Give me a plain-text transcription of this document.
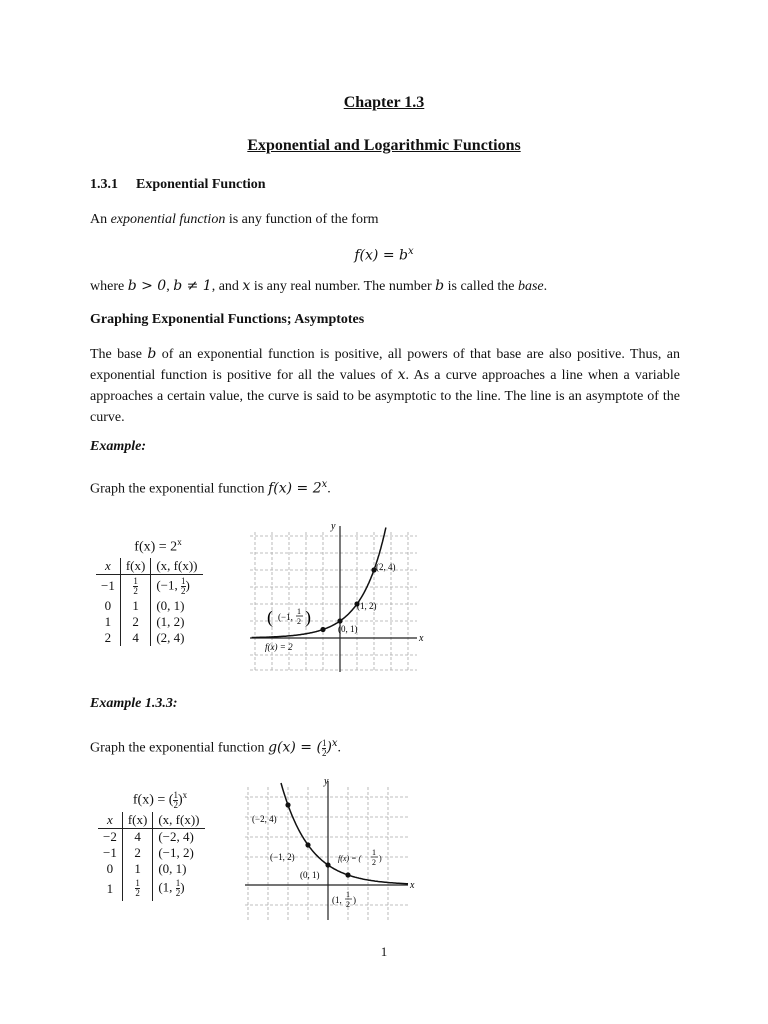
Chapter 1.3
Exponential and Logarithmic Functions
1.3.1 Exponential Function
An exponential function is any function of the form
$f(x) = b^x$
where b > 0, b ≠ 1, and x is any real number. The number b is called the base.
Graphing Exponential Functions; Asymptotes
The base b of an exponential function is positive, all powers of that base are also positive. Thus, an exponential function is positive for all the values of x. As a curve approaches a line when a variable approaches a certain value, the curve is said to be asymptotic to the line. The line is an asymptote of the curve.
Example:
Graph the exponential function $f(x) = 2^x$.
$f(x) = 2^x$
x	f(x)	(x, f(x))
−1	$\frac{1}{2}$	(−1, $\frac{1}{2}$ )
0	1	(0, 1)
1	2	(1, 2)
2	4	(2, 4)
y
x
(2, 4)
(1, 2)
(0, 1)
( (−1,
1
2 )
f(x) = 2
Example 1.3.3:
Graph the exponential function g(x) = ( $\frac{1}{2} )^x$.
f(x) = ( $\frac{1}{2} )^x$
x	f(x)	(x, f(x))
−2	4	(−2, 4)
−1	2	(−1, 2)
0	1	(0, 1)
1	$\frac{1}{2}$	(1, $\frac{1}{2}$ )
y
x
(−2, 4)
(−1, 2)
(0, 1)
f(x) = (
1
2 )
(1,
1
2 )
1
